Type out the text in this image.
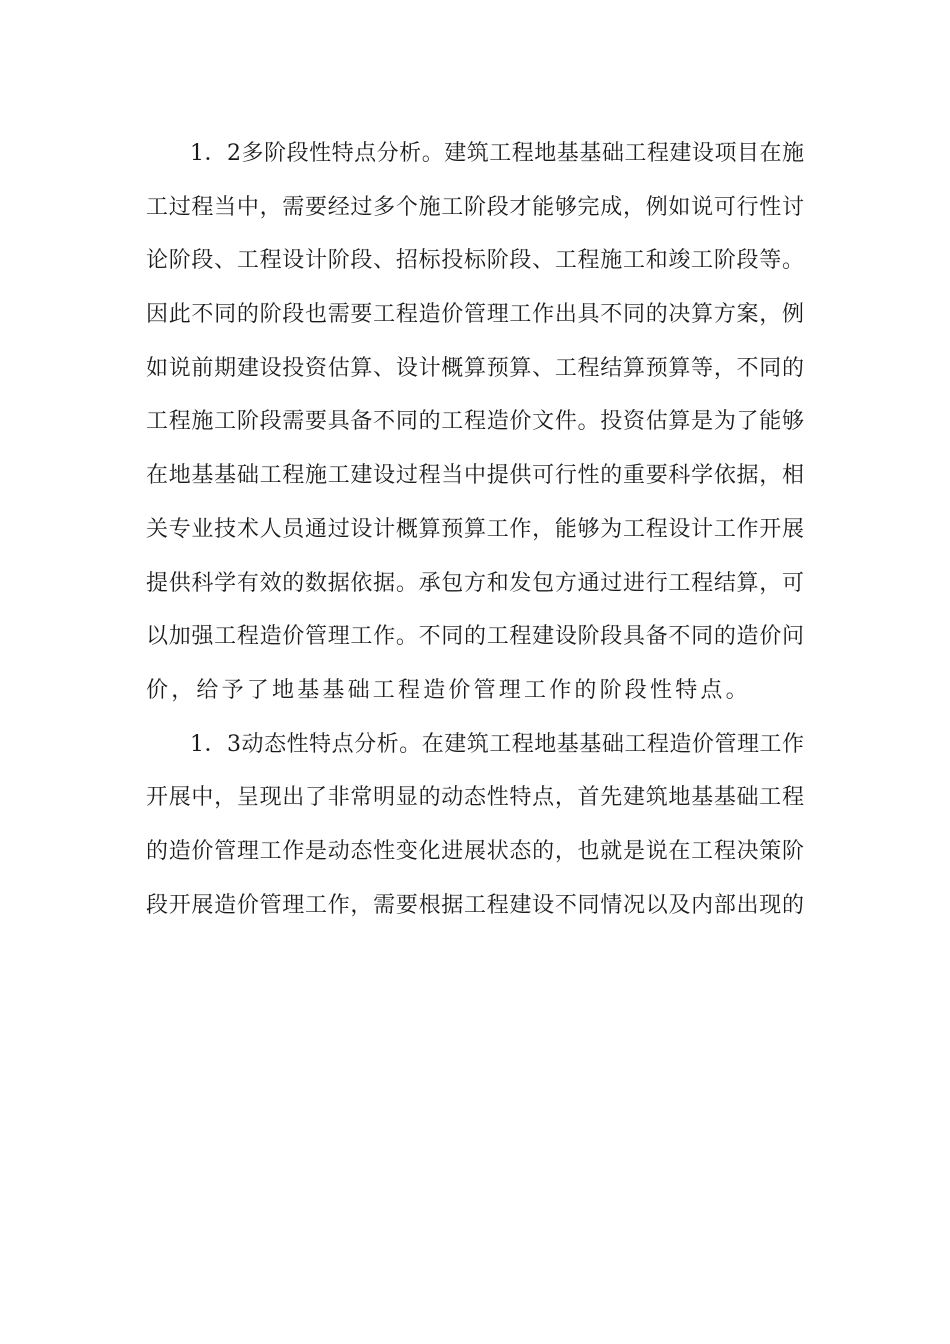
1．2多阶段性特点分析。建筑工程地基基础工程建设项目在施
工过程当中，需要经过多个施工阶段才能够完成，例如说可行性讨
论阶段、工程设计阶段、招标投标阶段、工程施工和竣工阶段等。
因此不同的阶段也需要工程造价管理工作出具不同的决算方案，例
如说前期建设投资估算、设计概算预算、工程结算预算等，不同的
工程施工阶段需要具备不同的工程造价文件。投资估算是为了能够
在地基基础工程施工建设过程当中提供可行性的重要科学依据，相
关专业技术人员通过设计概算预算工作，能够为工程设计工作开展
提供科学有效的数据依据。承包方和发包方通过进行工程结算，可
以加强工程造价管理工作。不同的工程建设阶段具备不同的造价问
价，给予了地基基础工程造价管理工作的阶段性特点。
1．3动态性特点分析。在建筑工程地基基础工程造价管理工作
开展中，呈现出了非常明显的动态性特点，首先建筑地基基础工程
的造价管理工作是动态性变化进展状态的，也就是说在工程决策阶
段开展造价管理工作，需要根据工程建设不同情况以及内部出现的
